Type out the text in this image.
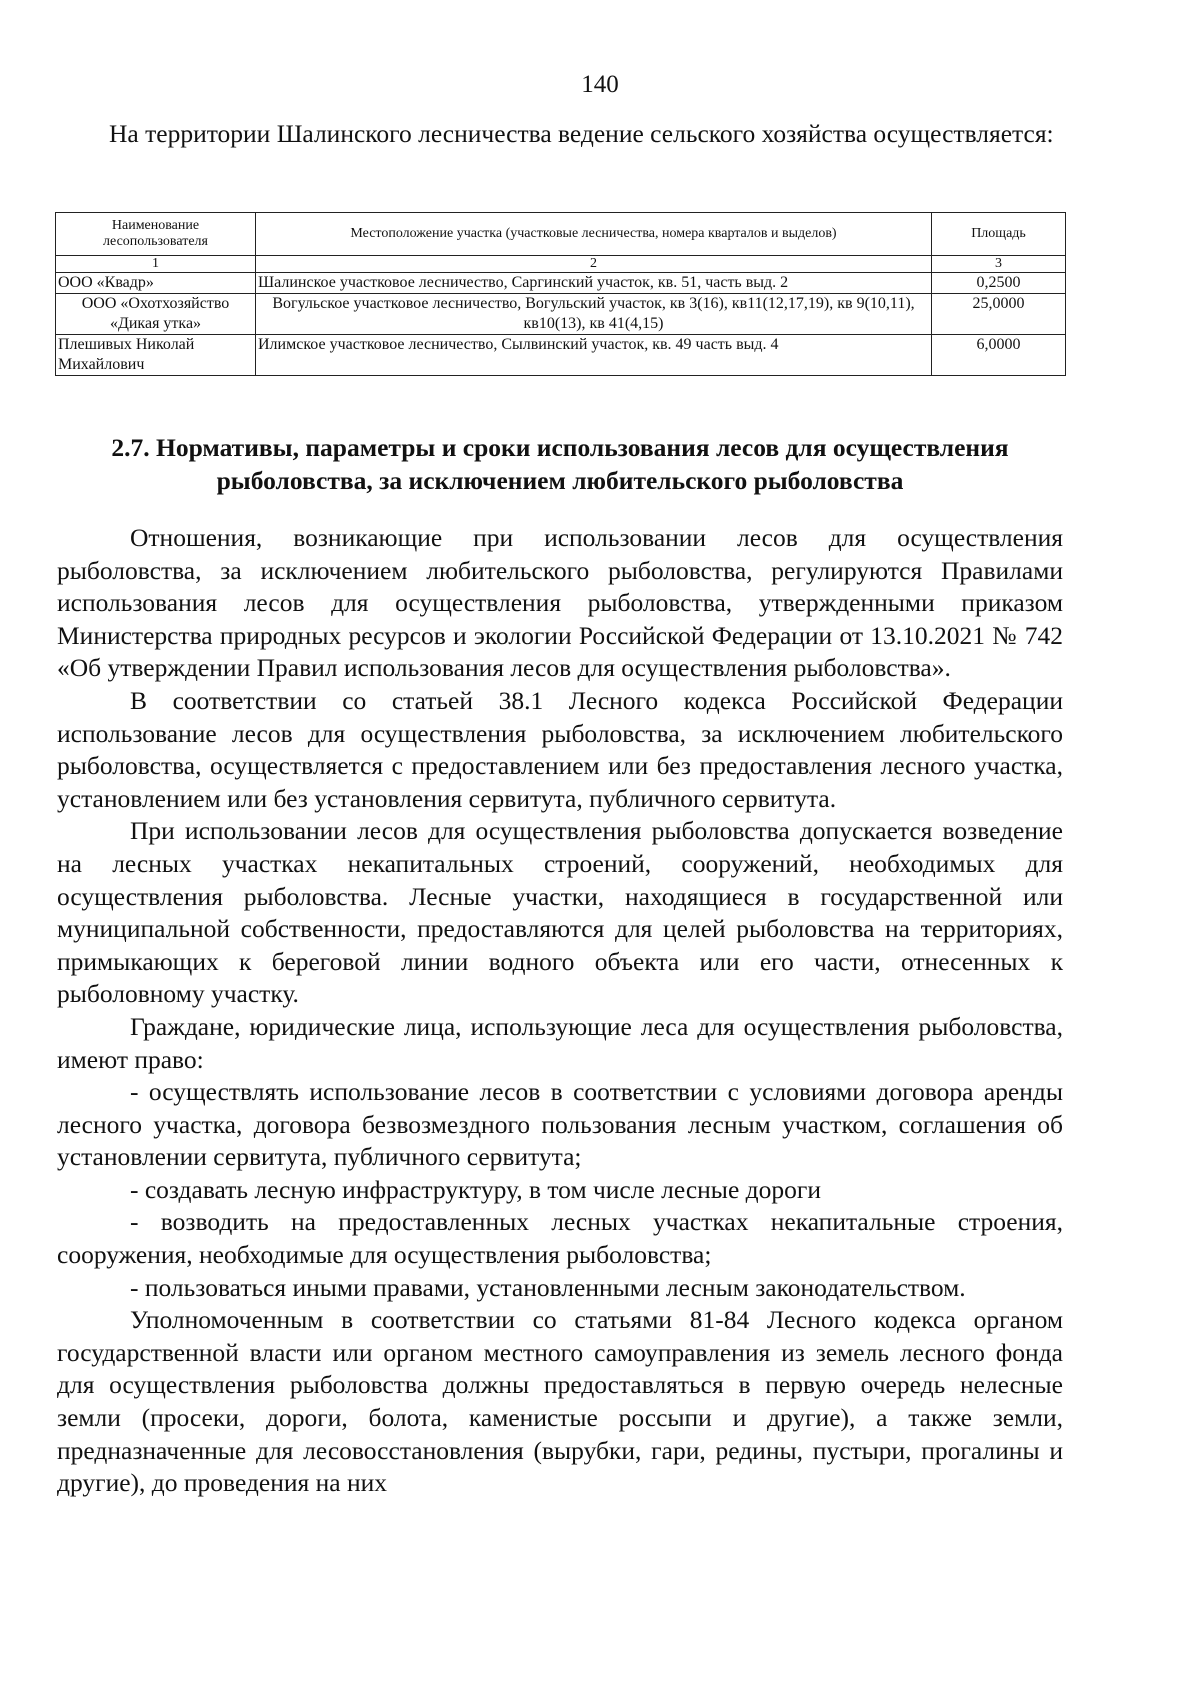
140

На территории Шалинского лесничества ведение сельского хозяйства осуществляется:

Наименование лесопользователя	Местоположение участка (участковые лесничества, номера кварталов и выделов)	Площадь
1	2	3
ООО «Квадр»	Шалинское участковое лесничество, Саргинский участок, кв. 51, часть выд. 2	0,2500
ООО «Охотхозяйство «Дикая утка»	Вогульское участковое лесничество, Вогульский участок, кв 3(16), кв11(12,17,19), кв 9(10,11), кв10(13), кв 41(4,15)	25,0000
Плешивых Николай Михайлович	Илимское участковое лесничество, Сылвинский участок, кв. 49 часть выд. 4	6,0000
2.7. Нормативы, параметры и сроки использования лесов для осуществления рыболовства, за исключением любительского рыболовства

Отношения, возникающие при использовании лесов для осуществления рыболовства, за исключением любительского рыболовства, регулируются Правилами использования лесов для осуществления рыболовства, утвержденными приказом Министерства природных ресурсов и экологии Российской Федерации от 13.10.2021 № 742 «Об утверждении Правил использования лесов для осуществления рыболовства».

В соответствии со статьей 38.1 Лесного кодекса Российской Федерации использование лесов для осуществления рыболовства, за исключением любительского рыболовства, осуществляется с предоставлением или без предоставления лесного участка, установлением или без установления сервитута, публичного сервитута.

При использовании лесов для осуществления рыболовства допускается возведение на лесных участках некапитальных строений, сооружений, необходимых для осуществления рыболовства. Лесные участки, находящиеся в государственной или муниципальной собственности, предоставляются для целей рыболовства на территориях, примыкающих к береговой линии водного объекта или его части, отнесенных к рыболовному участку.

Граждане, юридические лица, использующие леса для осуществления рыболовства, имеют право:

- осуществлять использование лесов в соответствии с условиями договора аренды лесного участка, договора безвозмездного пользования лесным участком, соглашения об установлении сервитута, публичного сервитута;

- создавать лесную инфраструктуру, в том числе лесные дороги

- возводить на предоставленных лесных участках некапитальные строения, сооружения, необходимые для осуществления рыболовства;

- пользоваться иными правами, установленными лесным законодательством.

Уполномоченным в соответствии со статьями 81-84 Лесного кодекса органом государственной власти или органом местного самоуправления из земель лесного фонда для осуществления рыболовства должны предоставляться в первую очередь нелесные земли (просеки, дороги, болота, каменистые россыпи и другие), а также земли, предназначенные для лесовосстановления (вырубки, гари, редины, пустыри, прогалины и другие), до проведения на них
